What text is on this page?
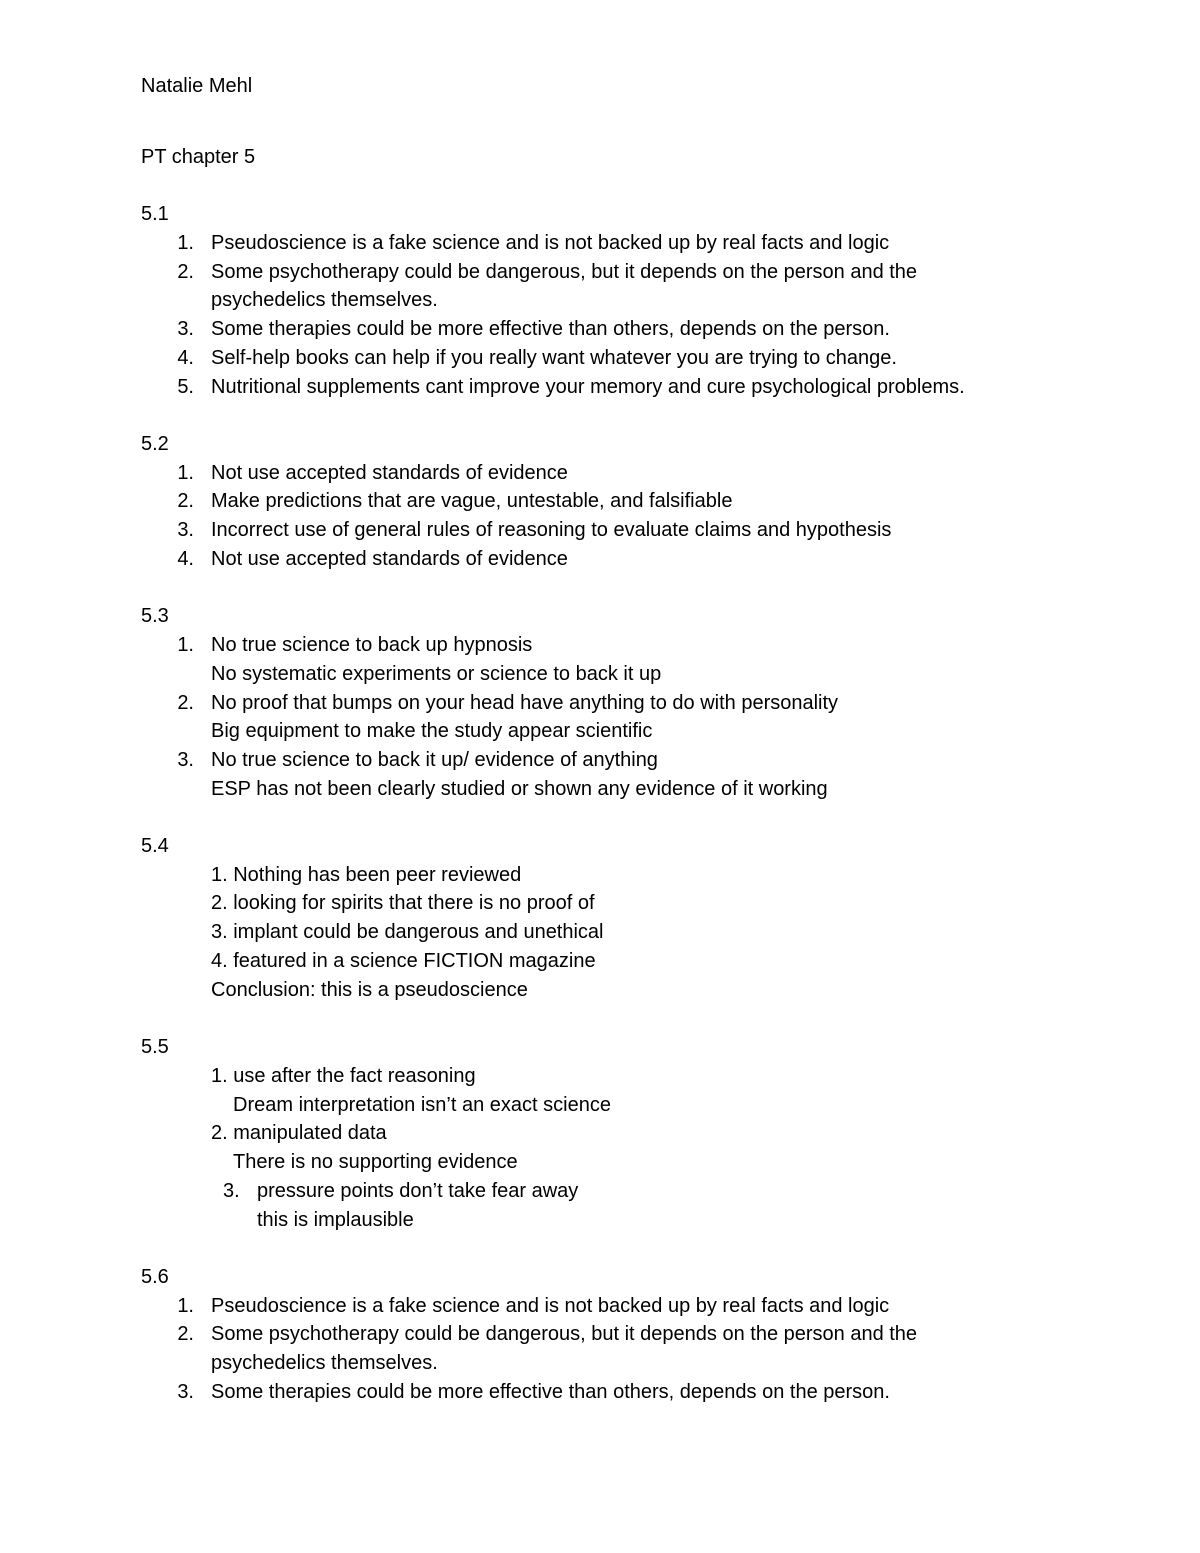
Natalie Mehl
PT chapter 5
5.1
1. Pseudoscience is a fake science and is not backed up by real facts and logic
2. Some psychotherapy could be dangerous, but it depends on the person and the
psychedelics themselves.
3. Some therapies could be more effective than others, depends on the person.
4. Self-help books can help if you really want whatever you are trying to change.
5. Nutritional supplements cant improve your memory and cure psychological problems.
5.2
1. Not use accepted standards of evidence
2. Make predictions that are vague, untestable, and falsifiable
3. Incorrect use of general rules of reasoning to evaluate claims and hypothesis
4. Not use accepted standards of evidence
5.3
1. No true science to back up hypnosis
No systematic experiments or science to back it up
2. No proof that bumps on your head have anything to do with personality
Big equipment to make the study appear scientific
3. No true science to back it up/ evidence of anything
ESP has not been clearly studied or shown any evidence of it working
5.4
1. Nothing has been peer reviewed
2. looking for spirits that there is no proof of
3. implant could be dangerous and unethical
4. featured in a science FICTION magazine
Conclusion: this is a pseudoscience
5.5
1. use after the fact reasoning
Dream interpretation isn’t an exact science
2. manipulated data
There is no supporting evidence
3. pressure points don’t take fear away
this is implausible
5.6
1. Pseudoscience is a fake science and is not backed up by real facts and logic
2. Some psychotherapy could be dangerous, but it depends on the person and the
psychedelics themselves.
3. Some therapies could be more effective than others, depends on the person.
